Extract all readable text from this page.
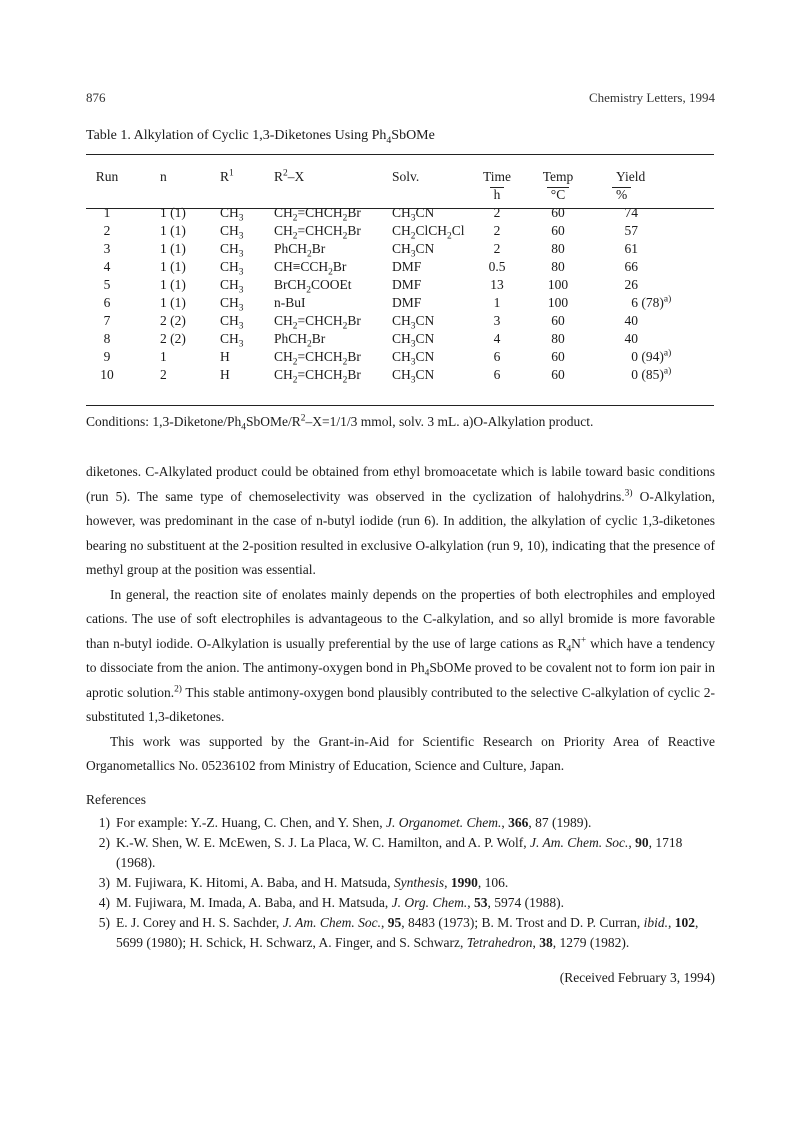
876	Chemistry Letters, 1994
Table 1. Alkylation of Cyclic 1,3-Diketones Using $Ph_4SbOMe$
Run	n	$R^1$	$R^2-X$	Solv.	Time	Temp	Yield
					h	°C	%
1	1 (1)	$CH_3$	$CH_2=CHCH_2Br$	$CH_3CN$	2	60	74
2	1 (1)	$CH_3$	$CH_2=CHCH_2Br$	$CH_2ClCH_2Cl$	2	60	57
3	1 (1)	$CH_3$	PhCH$_2$Br	$CH_3CN$	2	80	61
4	1 (1)	$CH_3$	$CH\equiv CCH_2Br$	DMF	0.5	80	66
5	1 (1)	$CH_3$	BrCH$_2$COOEt	DMF	13	100	26
6	1 (1)	$CH_3$	n-BuI	DMF	1	100	6 $(78)^{a)}$
7	2 (2)	$CH_3$	$CH_2=CHCH_2Br$	$CH_3CN$	3	60	40
8	2 (2)	$CH_3$	PhCH$_2$Br	$CH_3CN$	4	80	40
9	1	H	$CH_2=CHCH_2Br$	$CH_3CN$	6	60	0 $(94)^{a)}$
10	2	H	$CH_2=CHCH_2Br$	$CH_3CN$	6	60	0 $(85)^{a)}$
Conditions: $1,3-Diketone/Ph_4SbOMe/R^2-X=1/1/3$ mmol, solv. 3 mL. a)O-Alkylation product.

diketones. C-Alkylated product could be obtained from ethyl bromoacetate which is labile toward basic conditions (run 5). The same type of chemoselectivity was observed in the cyclization of halohydrins.$^{3)}$ O-Alkylation, however, was predominant in the case of n-butyl iodide (run 6). In addition, the alkylation of cyclic 1,3-diketones bearing no substituent at the 2-position resulted in exclusive O-alkylation (run 9, 10), indicating that the presence of methyl group at the position was essential.

In general, the reaction site of enolates mainly depends on the properties of both electrophiles and employed cations. The use of soft electrophiles is advantageous to the C-alkylation, and so allyl bromide is more favorable than n-butyl iodide. O-Alkylation is usually preferential by the use of large cations as $R_4N^+$ which have a tendency to dissociate from the anion. The antimony-oxygen bond in $Ph_4SbOMe$ proved to be covalent not to form ion pair in aprotic solution.$^{2)}$ This stable antimony-oxygen bond plausibly contributed to the selective C-alkylation of cyclic 2-substituted 1,3-diketones.

This work was supported by the Grant-in-Aid for Scientific Research on Priority Area of Reactive Organometallics No. 05236102 from Ministry of Education, Science and Culture, Japan.

References
1) For example: Y.-Z. Huang, C. Chen, and Y. Shen, J. Organomet. Chem., 366, 87 (1989).
2) K.-W. Shen, W. E. McEwen, S. J. La Placa, W. C. Hamilton, and A. P. Wolf, J. Am. Chem. Soc., 90, 1718 (1968).
3) M. Fujiwara, K. Hitomi, A. Baba, and H. Matsuda, Synthesis, 1990, 106.
4) M. Fujiwara, M. Imada, A. Baba, and H. Matsuda, J. Org. Chem., 53, 5974 (1988).
5) E. J. Corey and H. S. Sachder, J. Am. Chem. Soc., 95, 8483 (1973); B. M. Trost and D. P. Curran, ibid., 102, 5699 (1980); H. Schick, H. Schwarz, A. Finger, and S. Schwarz, Tetrahedron, 38, 1279 (1982).
(Received February 3, 1994)
